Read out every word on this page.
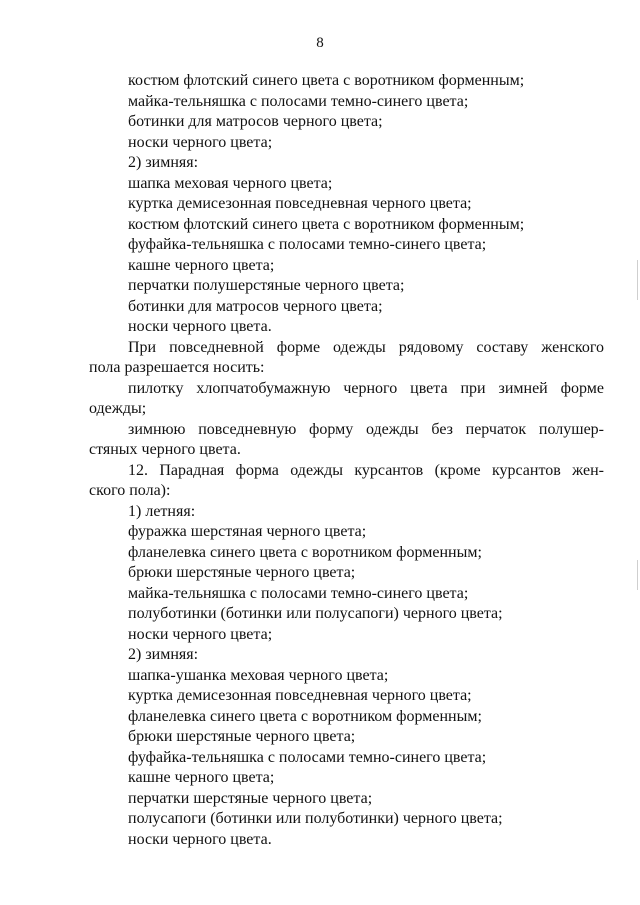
8
костюм флотский синего цвета с воротником форменным;
майка-тельняшка с полосами темно-синего цвета;
ботинки для матросов черного цвета;
носки черного цвета;
2) зимняя:
шапка меховая черного цвета;
куртка демисезонная повседневная черного цвета;
костюм флотский синего цвета с воротником форменным;
фуфайка-тельняшка с полосами темно-синего цвета;
кашне черного цвета;
перчатки полушерстяные черного цвета;
ботинки для матросов черного цвета;
носки черного цвета.
При повседневной форме одежды рядовому составу женского
пола разрешается носить:
пилотку хлопчатобумажную черного цвета при зимней форме
одежды;
зимнюю повседневную форму одежды без перчаток полушер-
стяных черного цвета.
12. Парадная форма одежды курсантов (кроме курсантов жен-
ского пола):
1) летняя:
фуражка шерстяная черного цвета;
фланелевка синего цвета с воротником форменным;
брюки шерстяные черного цвета;
майка-тельняшка с полосами темно-синего цвета;
полуботинки (ботинки или полусапоги) черного цвета;
носки черного цвета;
2) зимняя:
шапка-ушанка меховая черного цвета;
куртка демисезонная повседневная черного цвета;
фланелевка синего цвета с воротником форменным;
брюки шерстяные черного цвета;
фуфайка-тельняшка с полосами темно-синего цвета;
кашне черного цвета;
перчатки шерстяные черного цвета;
полусапоги (ботинки или полуботинки) черного цвета;
носки черного цвета.
